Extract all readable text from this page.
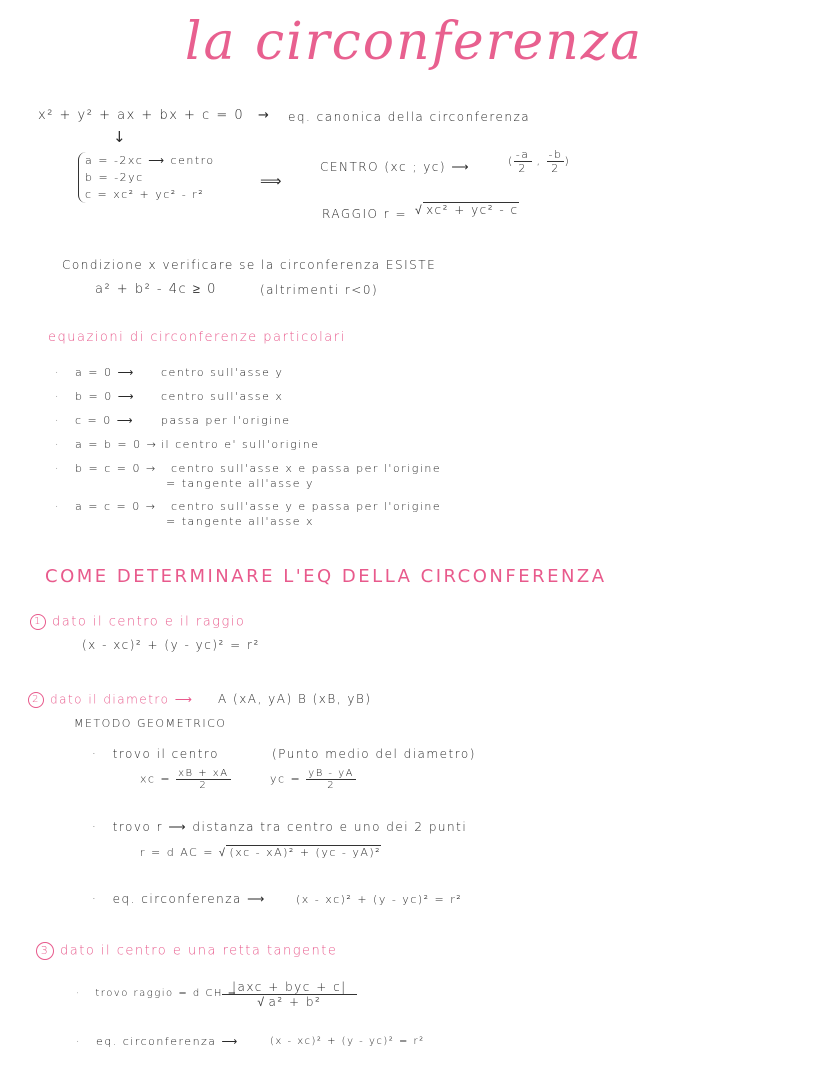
la circonferenza
x² + y² + ax + bx + c = 0 → eq. canonica della circonferenza
↓
a = -2xc ⟶ centro
b = -2yc
c = xc² + yc² - r²
⟹
CENTRO (xc ; yc) ⟶	( $\frac{-a}{2}$ , $\frac{-b}{2}$ )
RAGGIO r = √ xc² + yc² - c
Condizione x verificare se la circonferenza ESISTE
a² + b² - 4c ≥ 0	(altrimenti r<0)
equazioni di circonferenze particolari
· a = 0 ⟶ centro sull'asse y
· b = 0 ⟶ centro sull'asse x
· c = 0 ⟶ passa per l'origine
· a = b = 0 → il centro e' sull'origine
· b = c = 0 → centro sull'asse x e passa per l'origine
= tangente all'asse y
· a = c = 0 → centro sull'asse y e passa per l'origine
= tangente all'asse x
COME DETERMINARE L'EQ DELLA CIRCONFERENZA
1 dato il centro e il raggio
(x - xc)² + (y - yc)² = r²
2 dato il diametro ⟶ A (xA, yA) B (xB, yB)
METODO GEOMETRICO
· trovo il centro	(Punto medio del diametro)
xc = $\frac{xB + xA}{2}$	yc = $\frac{yB - yA}{2}$
· trovo r ⟶ distanza tra centro e uno dei 2 punti
r = d AC = √ (xc - xA)² + (yc - yA)²
· eq. circonferenza ⟶	(x - xc)² + (y - yc)² = r²
3 dato il centro e una retta tangente
· trovo raggio = d CH =
$\frac{\text{|axc + byc + c|}}{\text{√ a² + b²}}$
· eq. circonferenza ⟶	(x - xc)² + (y - yc)² = r²
